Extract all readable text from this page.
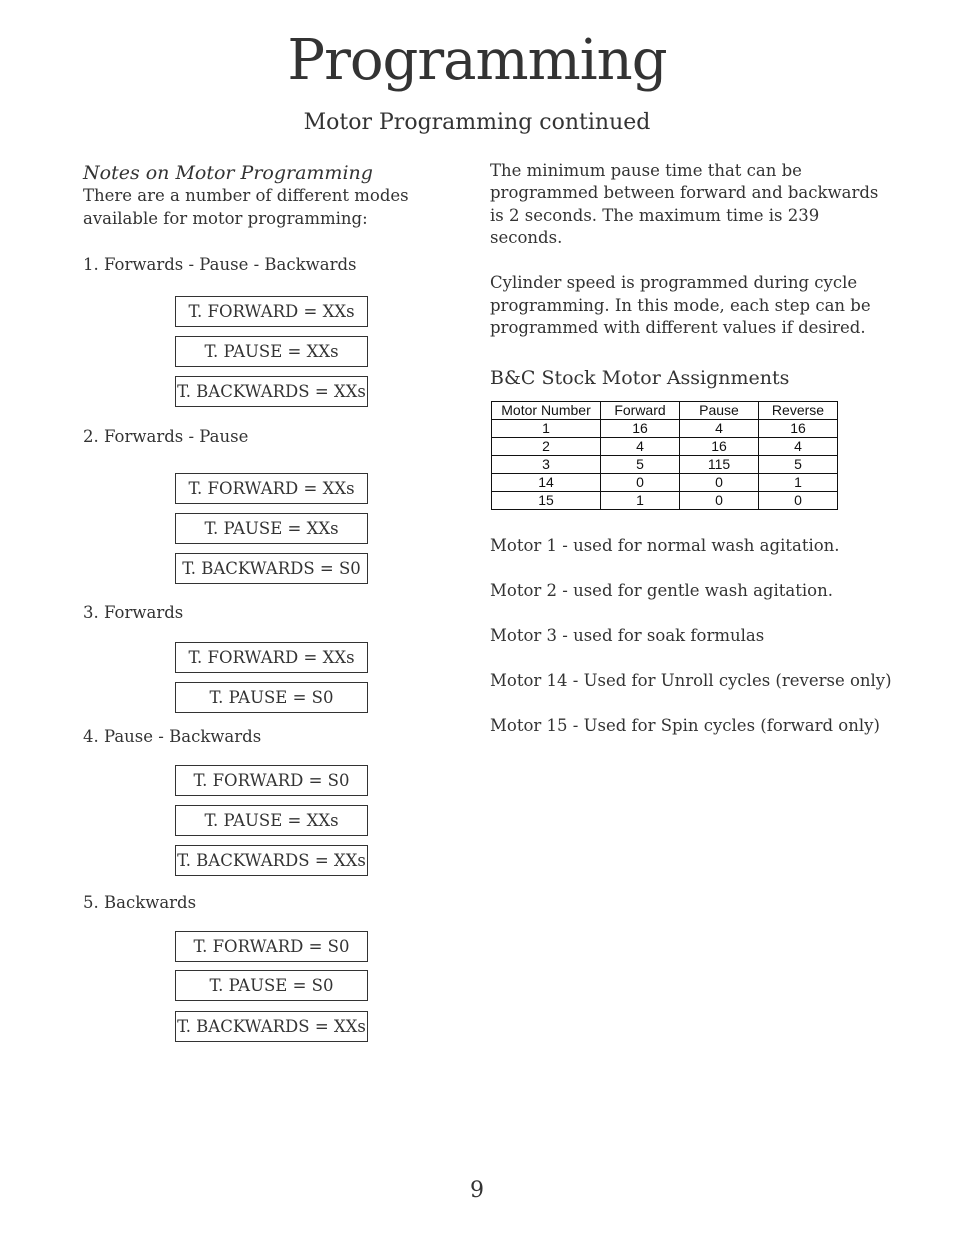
Programming
Motor Programming continued

Notes on Motor Programming

There are a number of different modes

available for motor programming:

1. Forwards - Pause - Backwards

T. FORWARD = XXs
T. PAUSE = XXs
T. BACKWARDS = XXs

2. Forwards - Pause

T. FORWARD = XXs
T. PAUSE = XXs
T. BACKWARDS = S0

3. Forwards

T. FORWARD = XXs
T. PAUSE = S0

4. Pause - Backwards

T. FORWARD = S0
T. PAUSE = XXs
T. BACKWARDS = XXs

5. Backwards

T. FORWARD = S0
T. PAUSE = S0
T. BACKWARDS = XXs

The minimum pause time that can be

programmed between forward and backwards

is 2 seconds. The maximum time is 239

seconds.

Cylinder speed is programmed during cycle

programming. In this mode, each step can be

programmed with different values if desired.

B&C Stock Motor Assignments

Motor Number	Forward	Pause	Reverse
1	16	4	16
2	4	16	4
3	5	115	5
14	0	0	1
15	1	0	0

Motor 1 - used for normal wash agitation.

Motor 2 - used for gentle wash agitation.

Motor 3 - used for soak formulas

Motor 14 - Used for Unroll cycles (reverse only)

Motor 15 - Used for Spin cycles (forward only)

9
